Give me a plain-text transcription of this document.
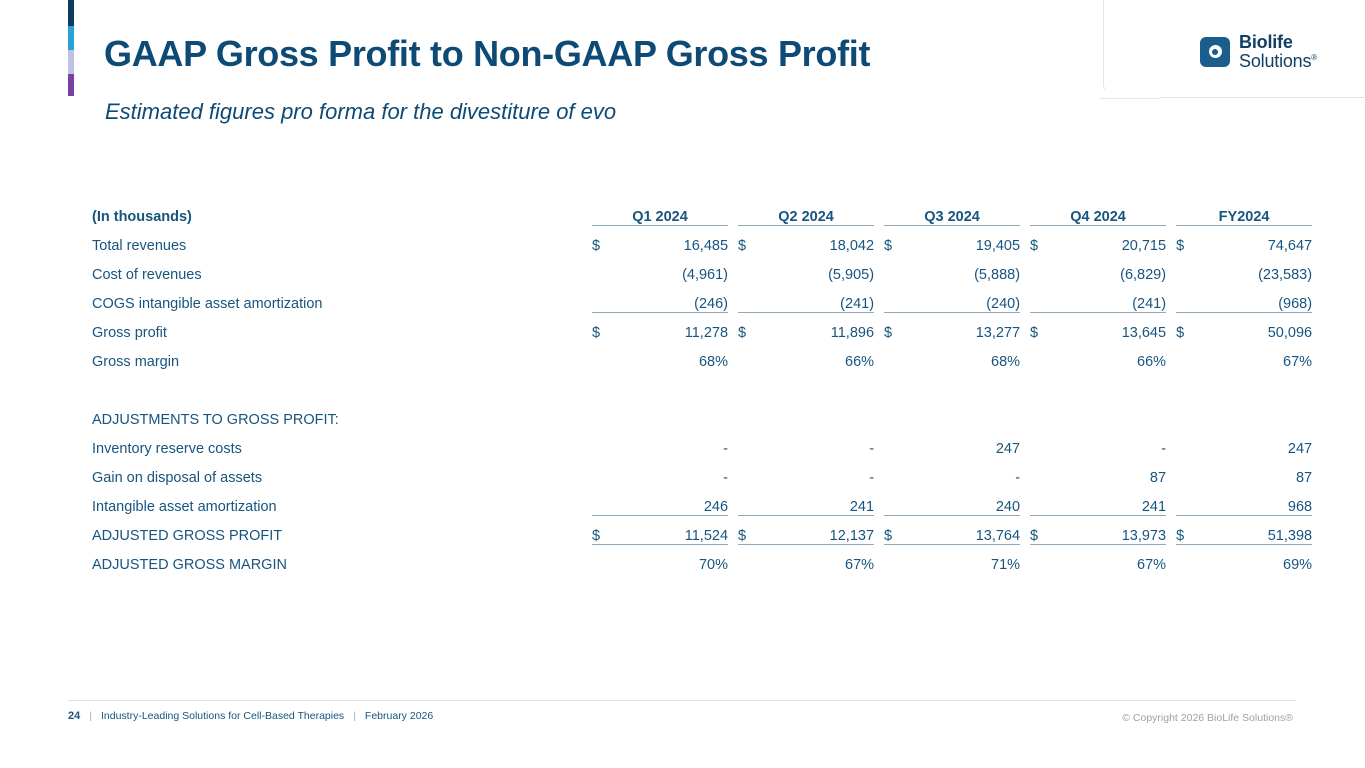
Biolife
Solutions®
GAAP Gross Profit to Non-GAAP Gross Profit
Estimated figures pro forma for the divestiture of evo
(In thousands)	Q1 2024			Q2 2024			Q3 2024			Q4 2024			FY2024	
Total revenues	$	16,485		$	18,042		$	19,405		$	20,715		$	74,647
Cost of revenues		(4,961)			(5,905)			(5,888)			(6,829)			(23,583)
COGS intangible asset amortization		(246)			(241)			(240)			(241)			(968)
Gross profit	$	11,278		$	11,896		$	13,277		$	13,645		$	50,096
Gross margin		68%			66%			68%			66%			67%

ADJUSTMENTS TO GROSS PROFIT:														
Inventory reserve costs		-			-			247			-			247
Gain on disposal of assets		-			-			-			87			87
Intangible asset amortization		246			241			240			241			968
ADJUSTED GROSS PROFIT	$	11,524		$	12,137		$	13,764		$	13,973		$	51,398
ADJUSTED GROSS MARGIN		70%			67%			71%			67%			69%
24 | Industry-Leading Solutions for Cell-Based Therapies | February 2026	© Copyright 2026 BioLife Solutions®
